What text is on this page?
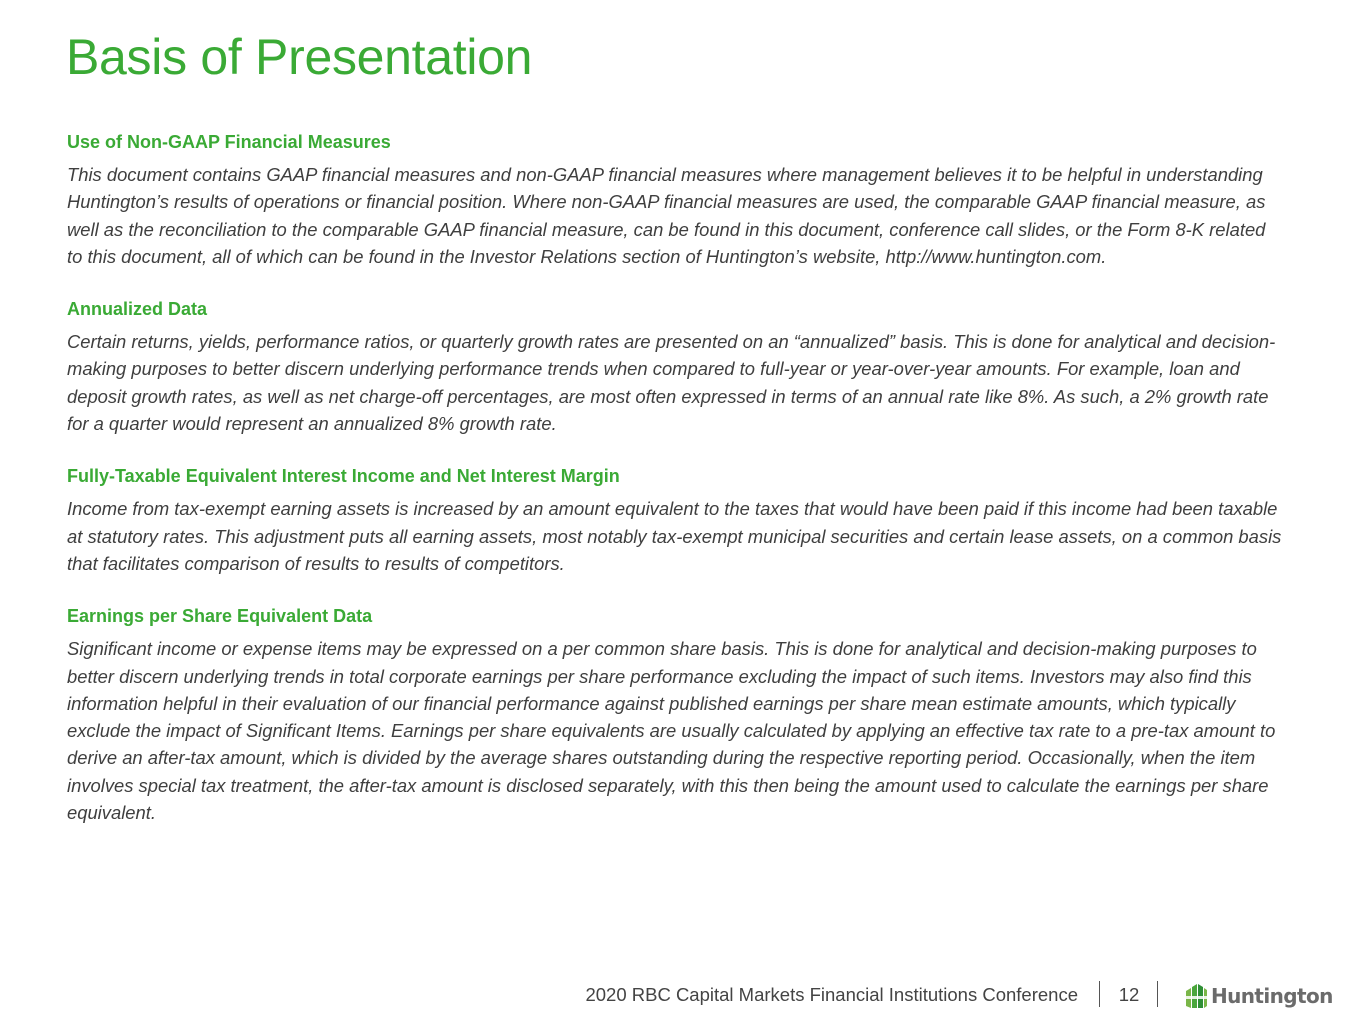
Basis of Presentation
Use of Non-GAAP Financial Measures

This document contains GAAP financial measures and non-GAAP financial measures where management believes it to be helpful in understanding Huntington’s results of operations or financial position. Where non-GAAP financial measures are used, the comparable GAAP financial measure, as well as the reconciliation to the comparable GAAP financial measure, can be found in this document, conference call slides, or the Form 8-K related to this document, all of which can be found in the Investor Relations section of Huntington’s website, http://www.huntington.com.

Annualized Data

Certain returns, yields, performance ratios, or quarterly growth rates are presented on an “annualized” basis. This is done for analytical and decision-making purposes to better discern underlying performance trends when compared to full-year or year-over-year amounts. For example, loan and deposit growth rates, as well as net charge-off percentages, are most often expressed in terms of an annual rate like 8%. As such, a 2% growth rate for a quarter would represent an annualized 8% growth rate.

Fully-Taxable Equivalent Interest Income and Net Interest Margin

Income from tax-exempt earning assets is increased by an amount equivalent to the taxes that would have been paid if this income had been taxable at statutory rates. This adjustment puts all earning assets, most notably tax-exempt municipal securities and certain lease assets, on a common basis that facilitates comparison of results to results of competitors.

Earnings per Share Equivalent Data

Significant income or expense items may be expressed on a per common share basis. This is done for analytical and decision-making purposes to better discern underlying trends in total corporate earnings per share performance excluding the impact of such items. Investors may also find this information helpful in their evaluation of our financial performance against published earnings per share mean estimate amounts, which typically exclude the impact of Significant Items. Earnings per share equivalents are usually calculated by applying an effective tax rate to a pre-tax amount to derive an after-tax amount, which is divided by the average shares outstanding during the respective reporting period. Occasionally, when the item involves special tax treatment, the after-tax amount is disclosed separately, with this then being the amount used to calculate the earnings per share equivalent.

2020 RBC Capital Markets Financial Institutions Conference	12	Huntington
